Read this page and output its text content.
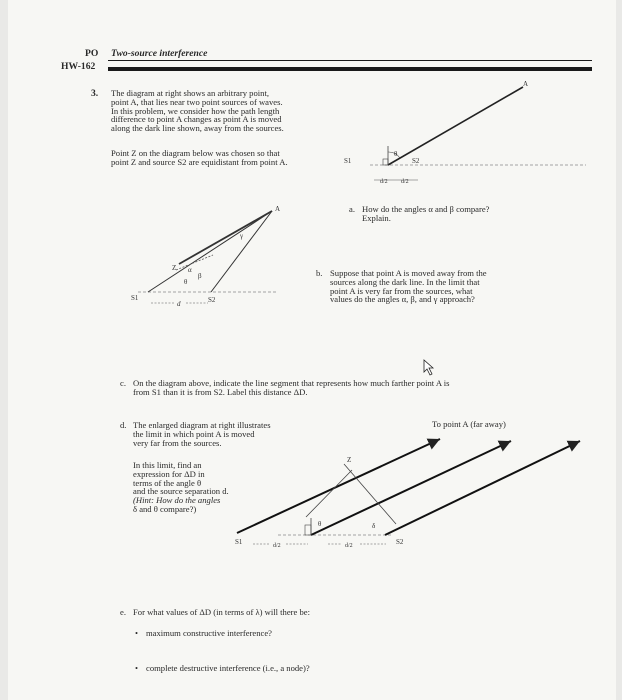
PO
HW-162
Two-source interference
3. The diagram at right shows an arbitrary point,
point A, that lies near two point sources of waves.
In this problem, we consider how the path length
difference to point A changes as point A is moved
along the dark line shown, away from the sources.
Point Z on the diagram below was chosen so that
point Z and source S2 are equidistant from point A.
a. How do the angles α and β compare?
Explain.
b. Suppose that point A is moved away from the
sources along the dark line. In the limit that
point A is very far from the sources, what
values do the angles α, β, and γ approach?
c. On the diagram above, indicate the line segment that represents how much farther point A is
from S1 than it is from S2. Label this distance ΔD.
d. The enlarged diagram at right illustrates
the limit in which point A is moved
very far from the sources.
In this limit, find an
expression for ΔD in
terms of the angle θ
and the source separation d.
(Hint: How do the angles
δ and θ compare?)
To point A (far away)
e. For what values of ΔD (in terms of λ) will there be:
• maximum constructive interference?
• complete destructive interference (i.e., a node)?
θ
A
S1	S2
d/2 d/2
A
Z α
β
θ
γ
S1	S2
d
Z
θ	δ
S1	S2
d/2	d/2
